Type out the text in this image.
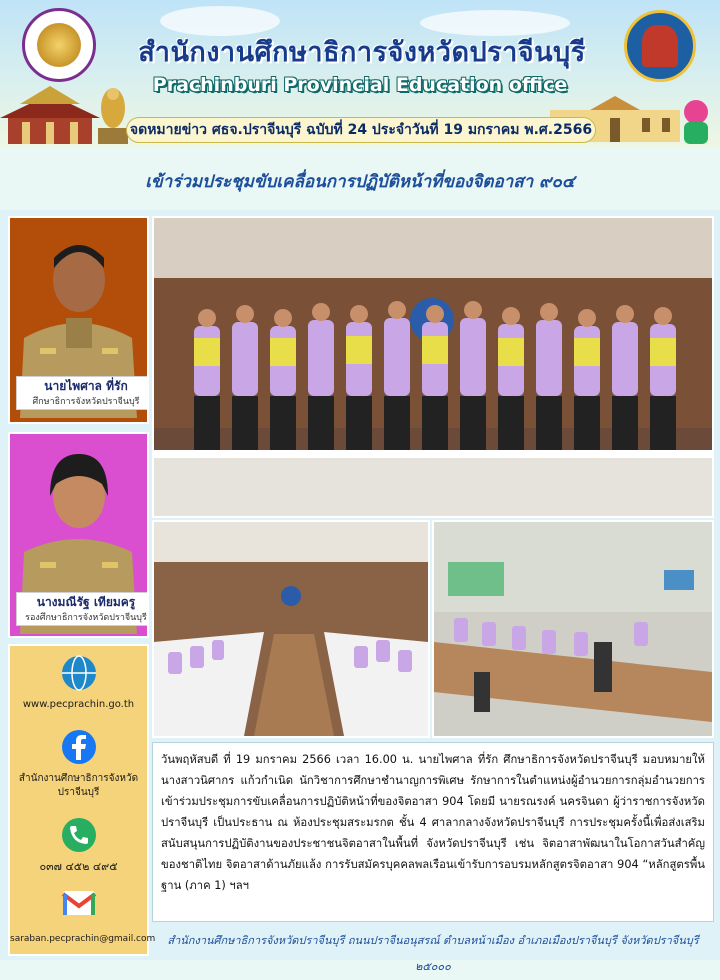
สำนักงานศึกษาธิการจังหวัดปราจีนบุรี
Prachinburi Provincial Education office
จดหมายข่าว ศธจ.ปราจีนบุรี ฉบับที่ 24 ประจำวันที่ 19 มกราคม พ.ศ.2566
เข้าร่วมประชุมขับเคลื่อนการปฏิบัติหน้าที่ของจิตอาสา ๙๐๔
นายไพศาล ที่รัก
ศึกษาธิการจังหวัดปราจีนบุรี
นางมณีรัฐ เทียมครู
รองศึกษาธิการจังหวัดปราจีนบุรี
www.pecprachin.go.th
สำนักงานศึกษาธิการจังหวัด ปราจีนบุรี
๐๓๗ ๔๕๒ ๔๙๕
saraban.pecprachin@gmail.com
วันพฤหัสบดี ที่ 19 มกราคม 2566 เวลา 16.00 น. นายไพศาล ที่รัก ศึกษาธิการจังหวัดปราจีนบุรี มอบหมายให้ นางสาวนิศากร แก้วกำเนิด นักวิชาการศึกษาชำนาญการพิเศษ รักษาการในตำแหน่งผู้อำนวยการกลุ่มอำนวยการเข้าร่วมประชุมการขับเคลื่อนการปฏิบัติหน้าที่ของจิตอาสา 904 โดยมี นายรณรงค์ นครจินดา ผู้ว่าราชการจังหวัดปราจีนบุรี เป็นประธาน ณ ห้องประชุมสระมรกต ชั้น 4 ศาลากลางจังหวัดปราจีนบุรี การประชุมครั้งนี้เพื่อส่งเสริมสนับสนุนการปฏิบัติงานของประชาชนจิตอาสาในพื้นที่ จังหวัดปราจีนบุรี เช่น จิตอาสาพัฒนาในโอกาสวันสำคัญของชาติไทย จิตอาสาด้านภัยแล้ง การรับสมัครบุคคลพลเรือนเข้ารับการอบรมหลักสูตรจิตอาสา 904 “หลักสูตรพื้นฐาน (ภาค 1) ฯลฯ
สำนักงานศึกษาธิการจังหวัดปราจีนบุรี ถนนปราจีนอนุสรณ์ ตำบลหน้าเมือง อำเภอเมืองปราจีนบุรี จังหวัดปราจีนบุรี ๒๕๐๐๐
